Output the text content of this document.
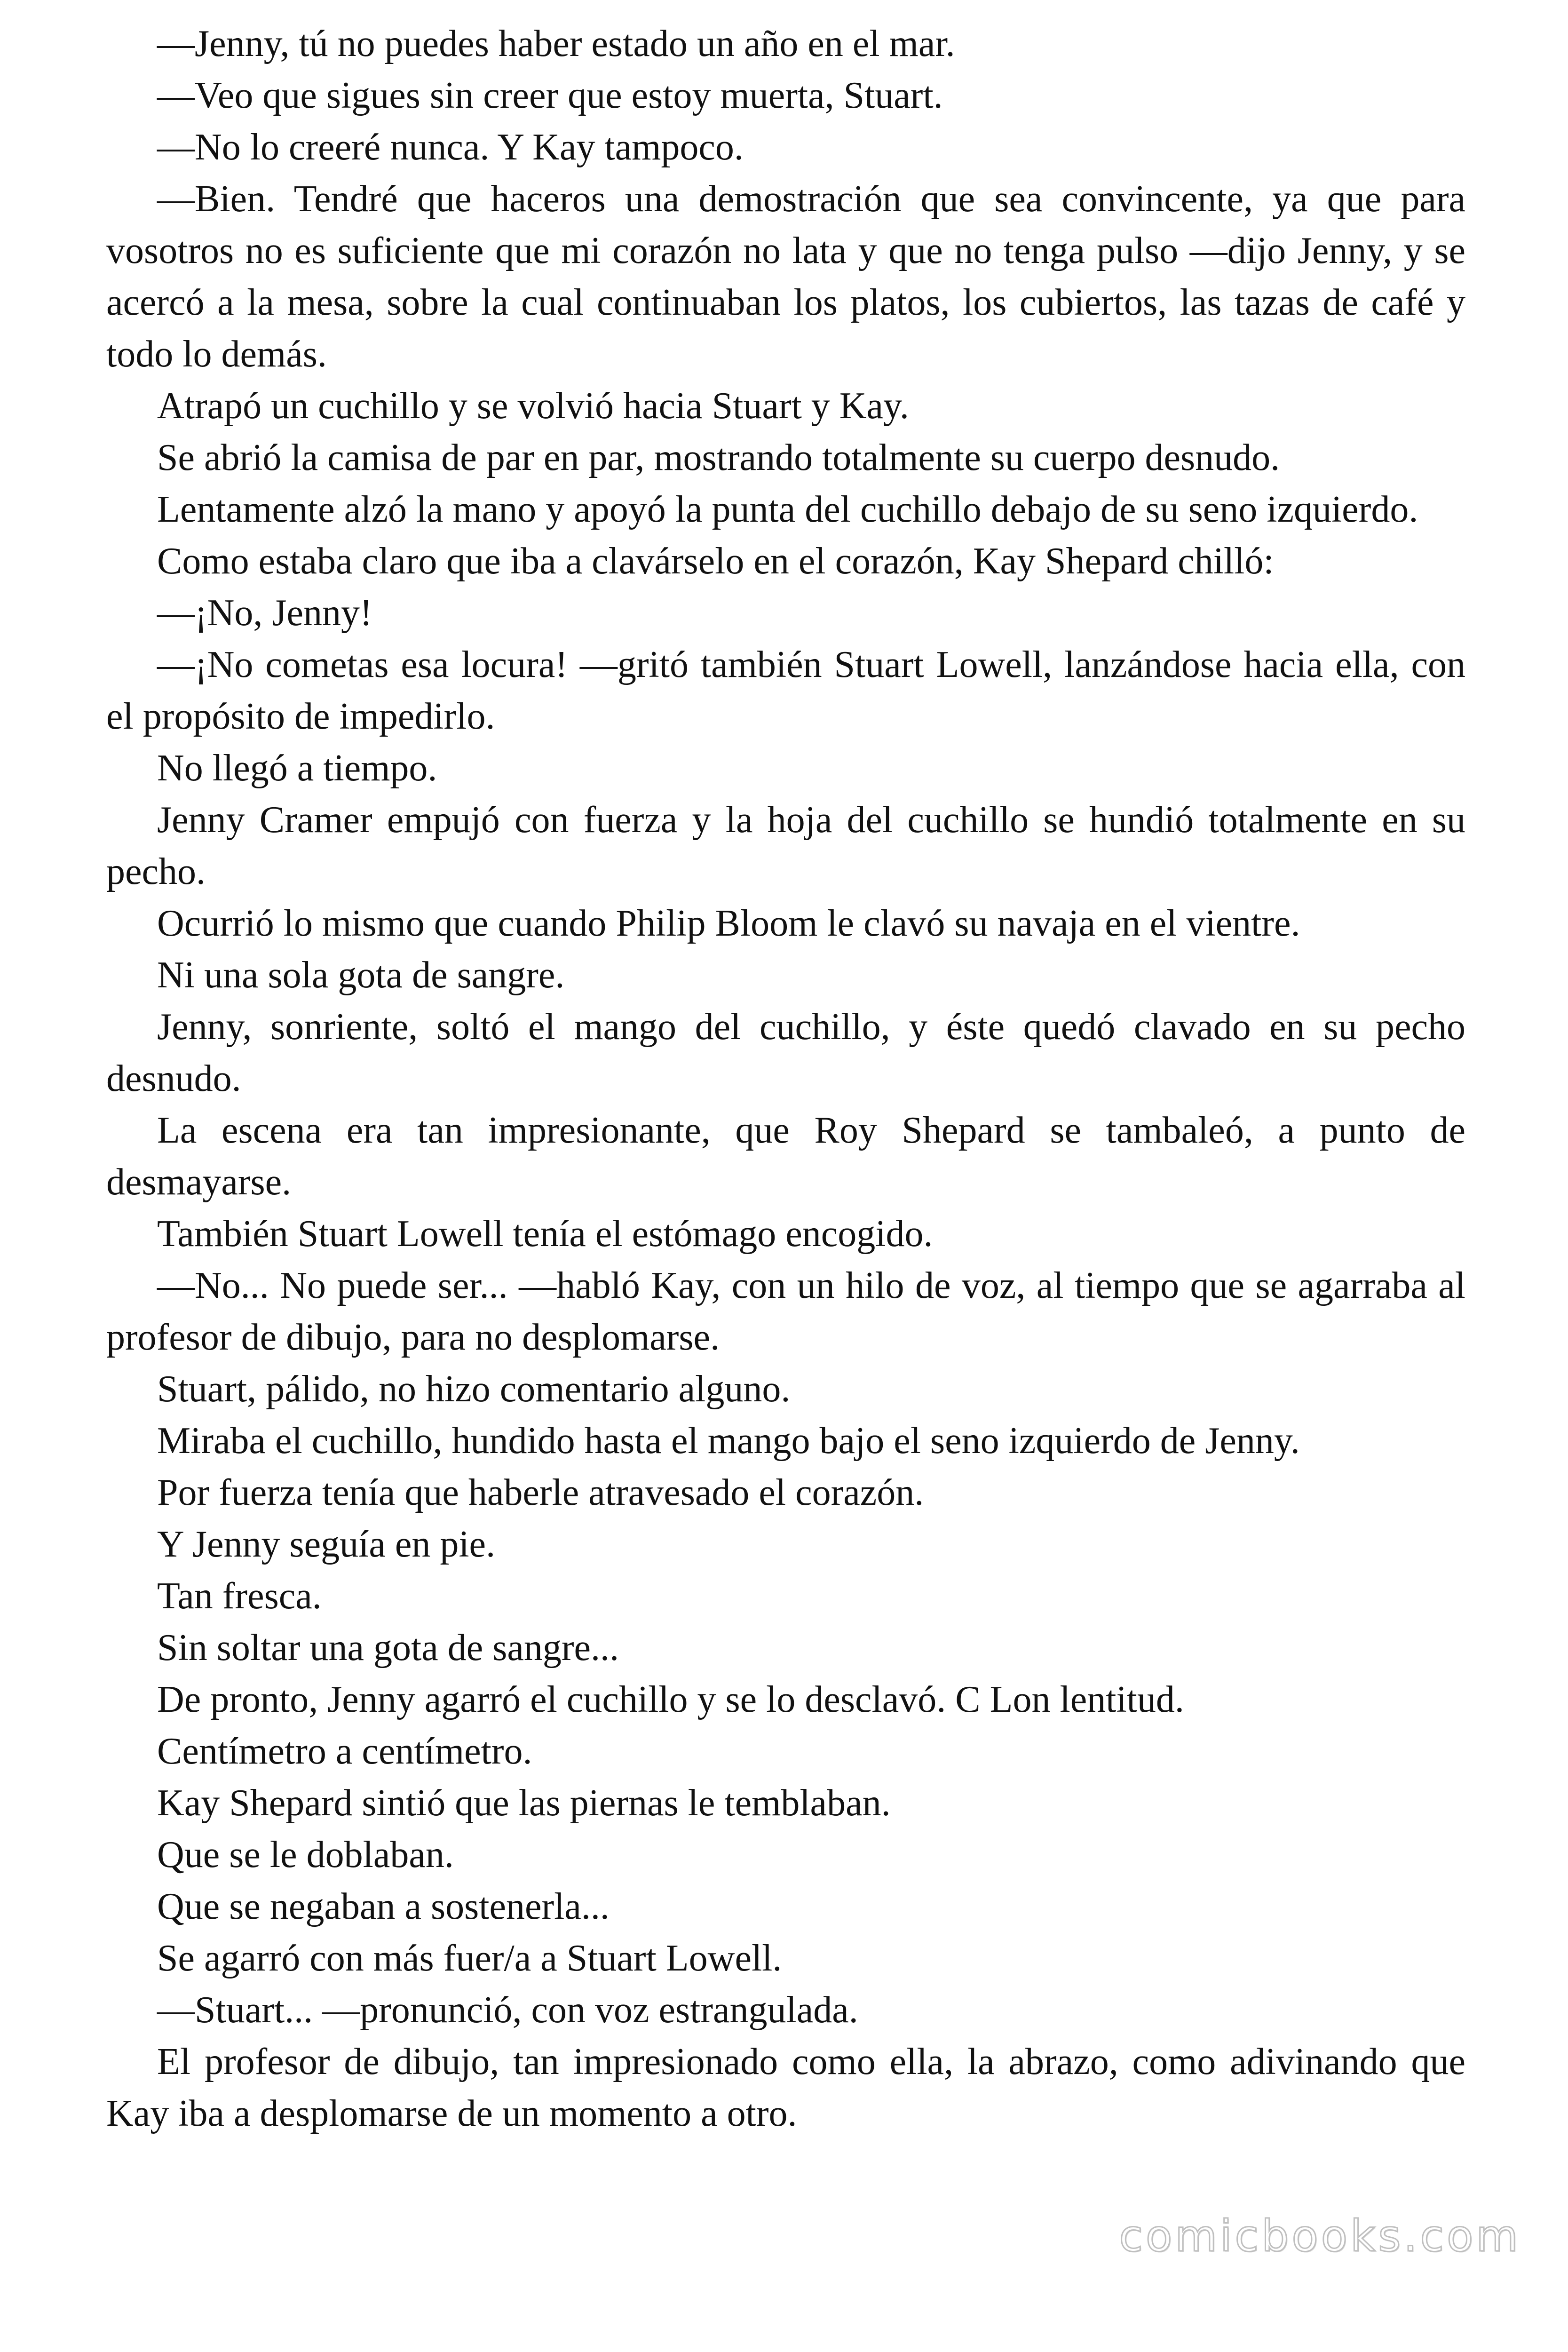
—Jenny, tú no puedes haber estado un año en el mar.

—Veo que sigues sin creer que estoy muerta, Stuart.

—No lo creeré nunca. Y Kay tampoco.

—Bien. Tendré que haceros una demostración que sea convincente, ya que para vosotros no es suficiente que mi corazón no lata y que no tenga pulso —dijo Jenny, y se acercó a la mesa, sobre la cual continuaban los platos, los cubiertos, las tazas de café y todo lo demás.

Atrapó un cuchillo y se volvió hacia Stuart y Kay.

Se abrió la camisa de par en par, mostrando totalmente su cuerpo desnudo.

Lentamente alzó la mano y apoyó la punta del cuchillo debajo de su seno izquierdo.

Como estaba claro que iba a clavárselo en el corazón, Kay Shepard chilló:

—¡No, Jenny!

—¡No cometas esa locura! —gritó también Stuart Lowell, lanzándose hacia ella, con el propósito de impedirlo.

No llegó a tiempo.

Jenny Cramer empujó con fuerza y la hoja del cuchillo se hundió totalmente en su pecho.

Ocurrió lo mismo que cuando Philip Bloom le clavó su navaja en el vientre.

Ni una sola gota de sangre.

Jenny, sonriente, soltó el mango del cuchillo, y éste quedó clavado en su pecho desnudo.

La escena era tan impresionante, que Roy Shepard se tambaleó, a punto de desmayarse.

También Stuart Lowell tenía el estómago encogido.

—No... No puede ser... —habló Kay, con un hilo de voz, al tiempo que se agarraba al profesor de dibujo, para no desplomarse.

Stuart, pálido, no hizo comentario alguno.

Miraba el cuchillo, hundido hasta el mango bajo el seno izquierdo de Jenny.

Por fuerza tenía que haberle atravesado el corazón.

Y Jenny seguía en pie.

Tan fresca.

Sin soltar una gota de sangre...

De pronto, Jenny agarró el cuchillo y se lo desclavó. C Lon lentitud.

Centímetro a centímetro.

Kay Shepard sintió que las piernas le temblaban.

Que se le doblaban.

Que se negaban a sostenerla...

Se agarró con más fuer/a a Stuart Lowell.

—Stuart... —pronunció, con voz estrangulada.

El profesor de dibujo, tan impresionado como ella, la abrazo, como adivinando que Kay iba a desplomarse de un momento a otro.

comicbooks.com
